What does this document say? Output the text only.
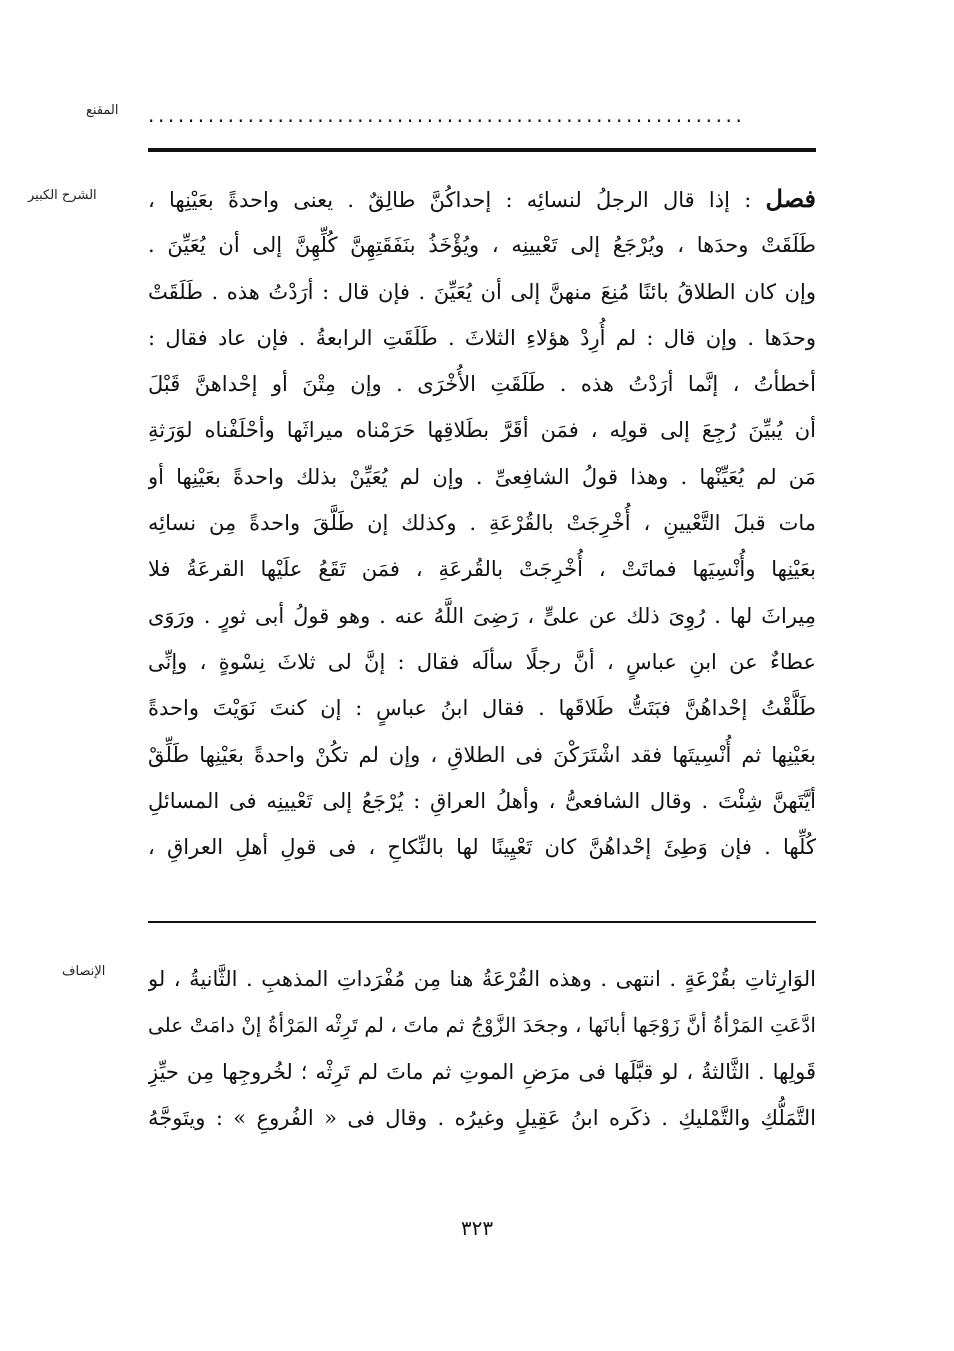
المقنع ............................................................
الشرح الكبير	فصل : إذا قال الرجلُ لنسائِه : إحداكُنَّ طالِقٌ . يعنى واحدةً بعَيْنِها ،
طَلَقَتْ وحدَها ، ويُرْجَعُ إلى تَعْيينِه ، ويُؤْخَذُ بنَفَقَتِهِنَّ كُلِّهِنَّ إلى أن يُعَيِّنَ .
وإن كان الطلاقُ بائنًا مُنِعَ منهنَّ إلى أن يُعَيِّنَ . فإن قال : أرَدْتُ هذه . طَلَقَتْ
وحدَها . وإن قال : لم أُرِدْ هؤلاءِ الثلاثَ . طَلَقَتِ الرابعةُ . فإن عاد فقال :
أخطأتُ ، إنَّما أرَدْتُ هذه . طَلَقَتِ الأُخْرَى . وإن مِتْنَ أو إحْداهنَّ قَبْلَ
أن يُبيِّنَ رُجِعَ إلى قولِه ، فمَن أقَرَّ بطَلاقِها حَرَمْناه ميراثَها وأحْلَفْناه لوَرَثةِ
مَن لم يُعَيِّنْها . وهذا قولُ الشافِعىِّ . وإن لم يُعَيِّنْ بذلك واحدةً بعَيْنِها أو
مات قبلَ التَّعْيينِ ، أُخْرِجَتْ بالقُرْعَةِ . وكذلك إن طَلَّقَ واحدةً مِن نسائِه
بعَيْنِها وأُنْسِيَها فماتَتْ ، أُخْرِجَتْ بالقُرعَةِ ، فمَن تَقَعُ علَيْها القرعَةُ فلا
مِيراثَ لها . رُوِىَ ذلك عن علىٍّ ، رَضِىَ اللَّهُ عنه . وهو قولُ أبى ثورٍ . ورَوَى
عطاءٌ عن ابنِ عباسٍ ، أنَّ رجلًا سألَه فقال : إنَّ لى ثلاثَ نِسْوةٍ ، وإنِّى
طَلَّقْتُ إحْداهُنَّ فبَتَتُّ طَلاقَها . فقال ابنُ عباسٍ : إن كنتَ نَوَيْتَ واحدةً
بعَيْنِها ثم أُنْسِيتَها فقد اشْتَرَكْنَ فى الطلاقِ ، وإن لم تكُنْ واحدةً بعَيْنِها طَلِّقْ
أيَّتَهنَّ شِئْتَ . وقال الشافعىُّ ، وأهلُ العراقِ : يُرْجَعُ إلى تَعْيينِه فى المسائلِ
كُلِّها . فإن وَطِئَ إحْداهُنَّ كان تَعْيِينًا لها بالنِّكاحِ ، فى قولِ أهلِ العراقِ ،
الإنصاف الوَارِثاتِ بقُرْعَةٍ . انتهى . وهذه القُرْعَةُ هنا مِن مُفْرَداتِ المذهبِ . الثَّانيةُ ، لو
ادَّعَتِ المَرْأةُ أنَّ زَوْجَها أبانَها ، وجحَدَ الزَّوْجُ ثم ماتَ ، لم تَرِثْه المَرْأةُ إنْ دامَتْ على
قَولِها . الثَّالثةُ ، لو قبَّلَها فى مرَضِ الموتِ ثم ماتَ لم تَرِثْه ؛ لخُروجِها مِن حيِّزِ
التَّمَلُّكِ والتَّمْليكِ . ذكَره ابنُ عَقِيلٍ وغيرُه . وقال فى « الفُروعِ » : ويتَوجَّهُ
٣٢٣
